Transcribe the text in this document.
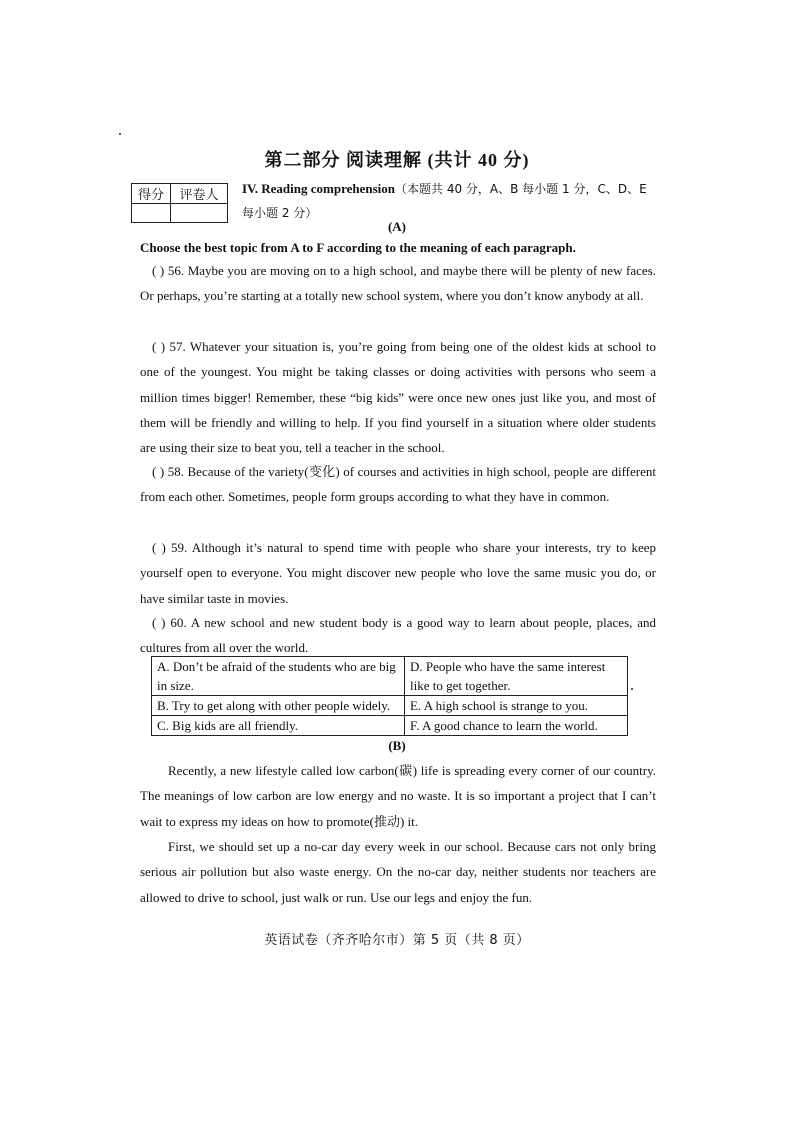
第二部分 阅读理解 (共计 40 分)
得分	评卷人
	IV. Reading comprehension（本题共 40 分，A、B 每小题 1 分，C、D、E 每小题 2 分）
(A)
Choose the best topic from A to F according to the meaning of each paragraph.
( ) 56. Maybe you are moving on to a high school, and maybe there will be plenty of new faces. Or perhaps, you’re starting at a totally new school system, where you don’t know anybody at all.
( ) 57. Whatever your situation is, you’re going from being one of the oldest kids at school to one of the youngest. You might be taking classes or doing activities with persons who seem a million times bigger! Remember, these “big kids” were once new ones just like you, and most of them will be friendly and willing to help. If you find yourself in a situation where older students are using their size to beat you, tell a teacher in the school.
( ) 58. Because of the variety(变化) of courses and activities in high school, people are different from each other. Sometimes, people form groups according to what they have in common.
( ) 59. Although it’s natural to spend time with people who share your interests, try to keep yourself open to everyone. You might discover new people who love the same music you do, or have similar taste in movies.
( ) 60. A new school and new student body is a good way to learn about people, places, and cultures from all over the world.
A. Don’t be afraid of the students who are big in size.	D. People who have the same interest like to get together.
B. Try to get along with other people widely.	E. A high school is strange to you.
C. Big kids are all friendly.	F. A good chance to learn the world.
(B)
Recently, a new lifestyle called low carbon(碳) life is spreading every corner of our country. The meanings of low carbon are low energy and no waste. It is so important a project that I can’t wait to express my ideas on how to promote(推动) it.
First, we should set up a no-car day every week in our school. Because cars not only bring serious air pollution but also waste energy. On the no-car day, neither students nor teachers are allowed to drive to school, just walk or run. Use our legs and enjoy the fun.
英语试卷（齐齐哈尔市）第 5 页（共 8 页）
